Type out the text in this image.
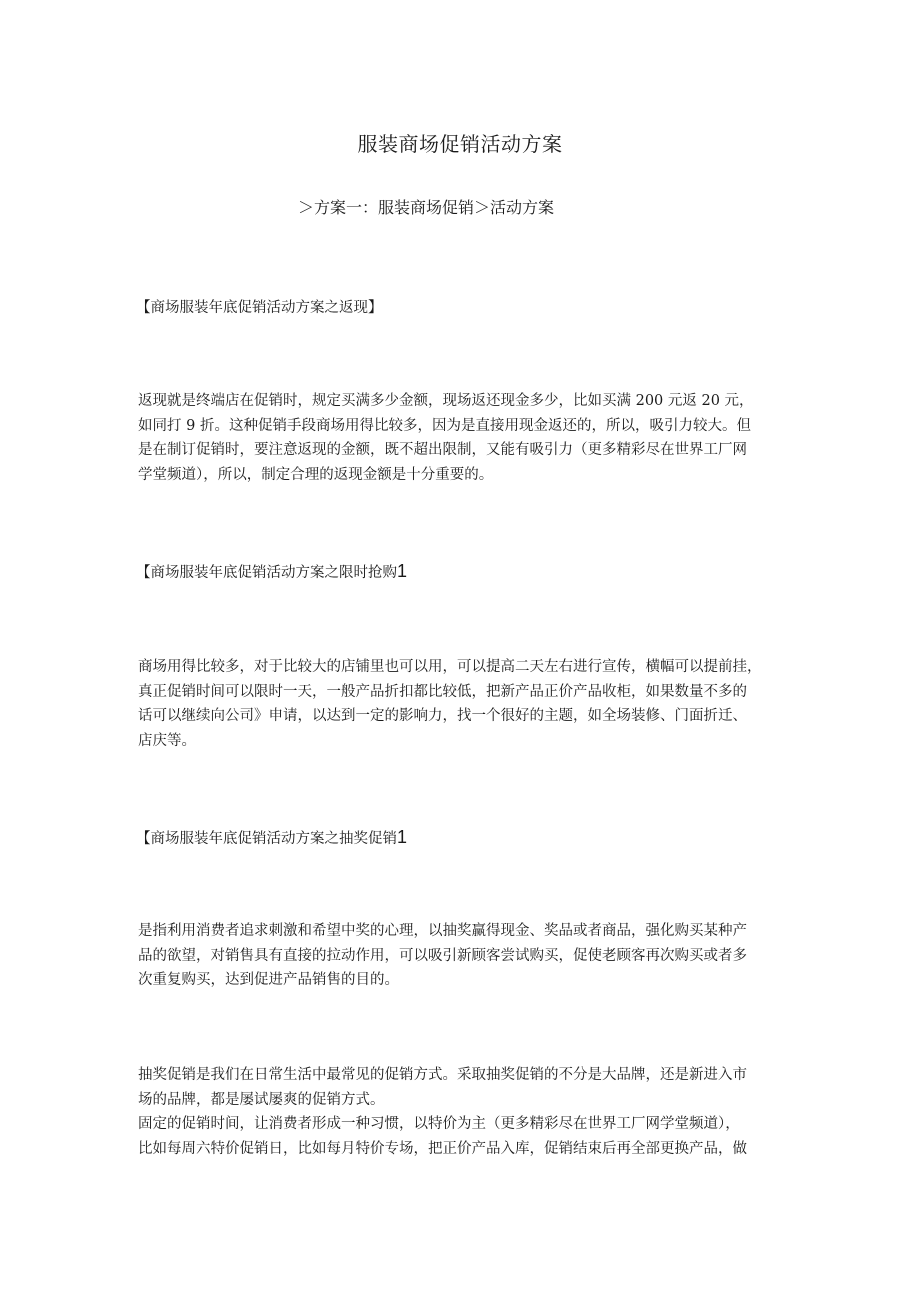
服装商场促销活动方案
＞方案一：服装商场促销＞活动方案
【商场服装年底促销活动方案之返现】
返现就是终端店在促销时，规定买满多少金额，现场返还现金多少，比如买满 200 元返 20 元，
如同打 9 折。这种促销手段商场用得比较多，因为是直接用现金返还的，所以，吸引力较大。但
是在制订促销时，要注意返现的金额，既不超出限制，又能有吸引力（更多精彩尽在世界工厂网
学堂频道），所以，制定合理的返现金额是十分重要的。
【商场服装年底促销活动方案之限时抢购1
商场用得比较多，对于比较大的店铺里也可以用，可以提高二天左右进行宣传，横幅可以提前挂，
真正促销时间可以限时一天，一般产品折扣都比较低，把新产品正价产品收柜，如果数量不多的
话可以继续向公司》申请，以达到一定的影响力，找一个很好的主题，如全场装修、门面折迁、
店庆等。
【商场服装年底促销活动方案之抽奖促销1
是指利用消费者追求刺激和希望中奖的心理，以抽奖赢得现金、奖品或者商品，强化购买某种产
品的欲望，对销售具有直接的拉动作用，可以吸引新顾客尝试购买，促使老顾客再次购买或者多
次重复购买，达到促进产品销售的目的。
抽奖促销是我们在日常生活中最常见的促销方式。采取抽奖促销的不分是大品牌，还是新进入市
场的品牌，都是屡试屡爽的促销方式。
固定的促销时间，让消费者形成一种习惯，以特价为主（更多精彩尽在世界工厂网学堂频道），
比如每周六特价促销日，比如每月特价专场，把正价产品入库，促销结束后再全部更换产品，做
